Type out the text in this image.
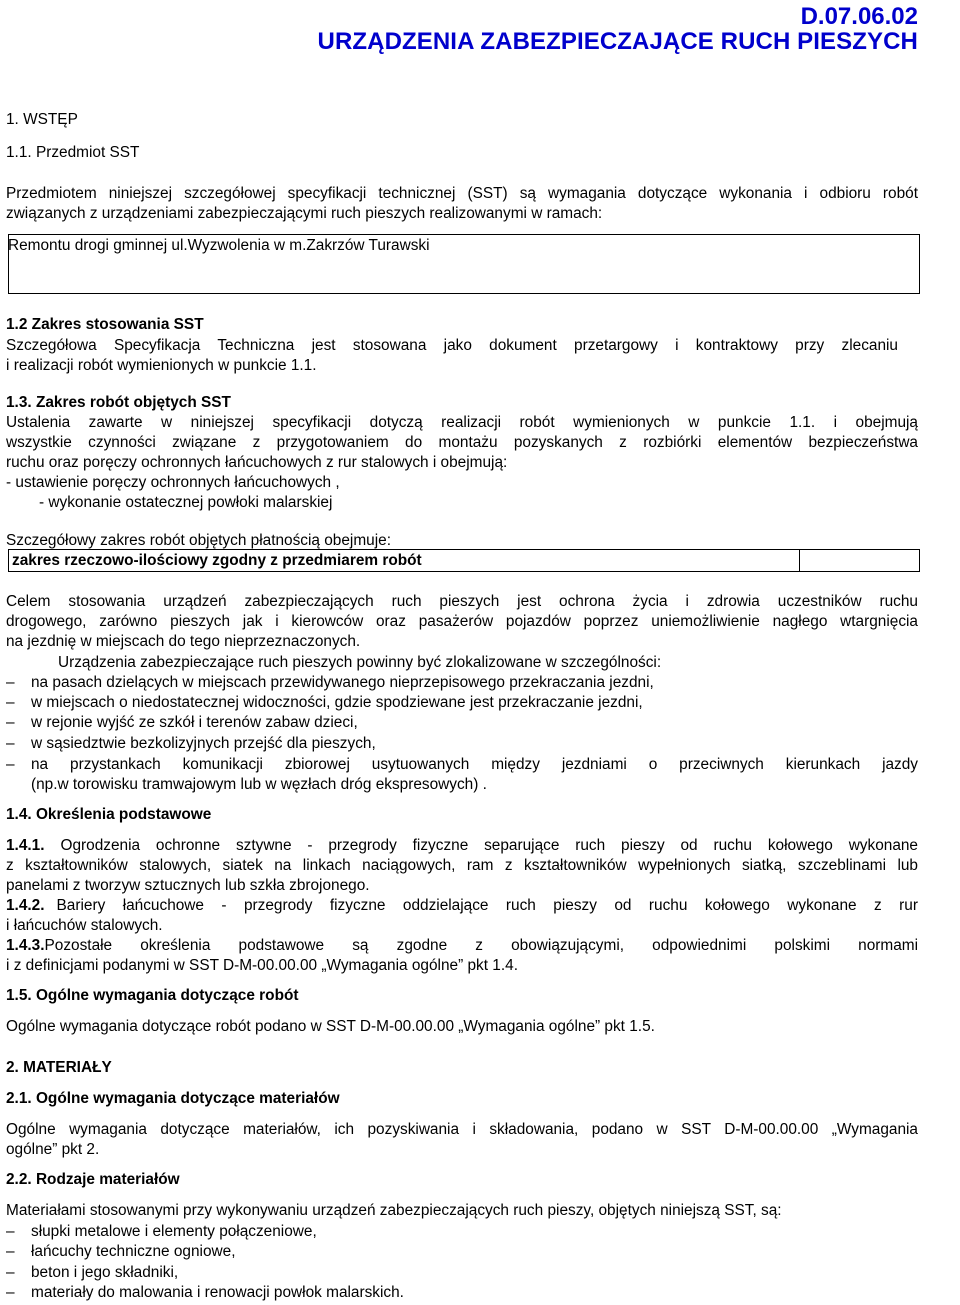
D.07.06.02
URZĄDZENIA ZABEZPIECZAJĄCE RUCH PIESZYCH
1. WSTĘP
1.1. Przedmiot SST
Przedmiotem niniejszej szczegółowej specyfikacji technicznej (SST) są wymagania dotyczące wykonania i odbioru robót
związanych z urządzeniami zabezpieczającymi ruch pieszych realizowanymi w ramach:
Remontu drogi gminnej ul.Wyzwolenia w m.Zakrzów Turawski
1.2 Zakres stosowania SST
Szczegółowa Specyfikacja Techniczna jest stosowana jako dokument przetargowy i kontraktowy przy zlecaniu
i realizacji robót wymienionych w punkcie 1.1.
1.3. Zakres robót objętych SST
Ustalenia zawarte w niniejszej specyfikacji dotyczą realizacji robót wymienionych w punkcie 1.1. i obejmują
wszystkie czynności związane z przygotowaniem do montażu pozyskanych z rozbiórki elementów bezpieczeństwa
ruchu oraz poręczy ochronnych łańcuchowych z rur stalowych i obejmują:
- ustawienie poręczy ochronnych łańcuchowych ,
- wykonanie ostatecznej powłoki malarskiej
Szczegółowy zakres robót objętych płatnością obejmuje:
zakres rzeczowo-ilościowy zgodny z przedmiarem robót
Celem stosowania urządzeń zabezpieczających ruch pieszych jest ochrona życia i zdrowia uczestników ruchu
drogowego, zarówno pieszych jak i kierowców oraz pasażerów pojazdów poprzez uniemożliwienie nagłego wtargnięcia
na jezdnię w miejscach do tego nieprzeznaczonych.
Urządzenia zabezpieczające ruch pieszych powinny być zlokalizowane w szczególności:
– na pasach dzielących w miejscach przewidywanego nieprzepisowego przekraczania jezdni,
– w miejscach o niedostatecznej widoczności, gdzie spodziewane jest przekraczanie jezdni,
– w rejonie wyjść ze szkół i terenów zabaw dzieci,
– w sąsiedztwie bezkolizyjnych przejść dla pieszych,
– na przystankach komunikacji zbiorowej usytuowanych między jezdniami o przeciwnych kierunkach jazdy
(np.w torowisku tramwajowym lub w węzłach dróg ekspresowych) .
1.4. Określenia podstawowe
1.4.1. Ogrodzenia ochronne sztywne - przegrody fizyczne separujące ruch pieszy od ruchu kołowego wykonane
z kształtowników stalowych, siatek na linkach naciągowych, ram z kształtowników wypełnionych siatką, szczeblinami lub
panelami z tworzyw sztucznych lub szkła zbrojonego.
1.4.2. Bariery łańcuchowe - przegrody fizyczne oddzielające ruch pieszy od ruchu kołowego wykonane z rur
i łańcuchów stalowych.
1.4.3.Pozostałe określenia podstawowe są zgodne z obowiązującymi, odpowiednimi polskimi normami
i z definicjami podanymi w SST D-M-00.00.00 „Wymagania ogólne” pkt 1.4.
1.5. Ogólne wymagania dotyczące robót
Ogólne wymagania dotyczące robót podano w SST D-M-00.00.00 „Wymagania ogólne” pkt 1.5.
2. MATERIAŁY
2.1. Ogólne wymagania dotyczące materiałów
Ogólne wymagania dotyczące materiałów, ich pozyskiwania i składowania, podano w SST D-M-00.00.00 „Wymagania
ogólne” pkt 2.
2.2. Rodzaje materiałów
Materiałami stosowanymi przy wykonywaniu urządzeń zabezpieczających ruch pieszy, objętych niniejszą SST, są:
– słupki metalowe i elementy połączeniowe,
– łańcuchy techniczne ogniowe,
– beton i jego składniki,
– materiały do malowania i renowacji powłok malarskich.
